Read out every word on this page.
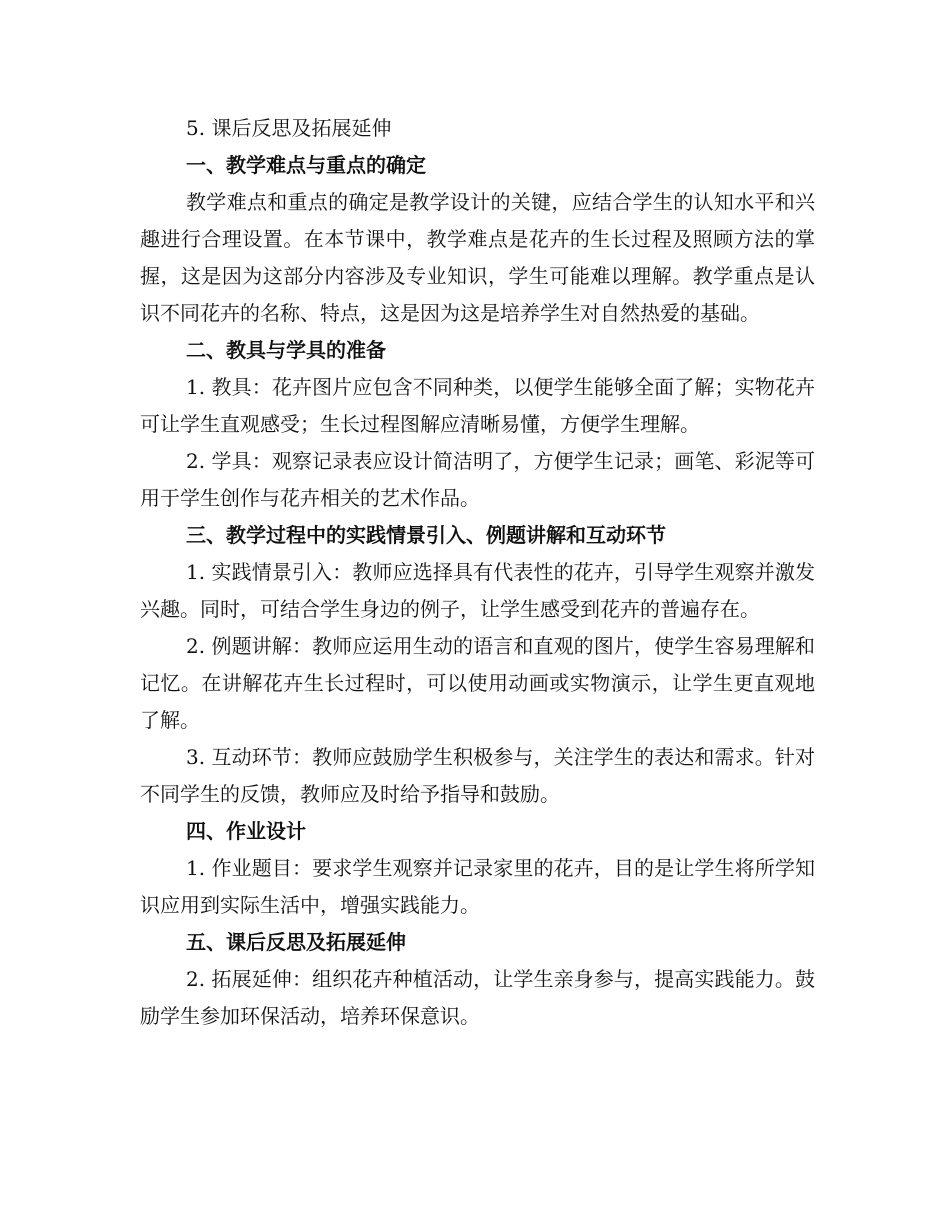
5. 课后反思及拓展延伸

一、教学难点与重点的确定

教学难点和重点的确定是教学设计的关键，应结合学生的认知水平和兴趣进行合理设置。在本节课中，教学难点是花卉的生长过程及照顾方法的掌握，这是因为这部分内容涉及专业知识，学生可能难以理解。教学重点是认识不同花卉的名称、特点，这是因为这是培养学生对自然热爱的基础。

二、教具与学具的准备

1. 教具：花卉图片应包含不同种类，以便学生能够全面了解；实物花卉可让学生直观感受；生长过程图解应清晰易懂，方便学生理解。

2. 学具：观察记录表应设计简洁明了，方便学生记录；画笔、彩泥等可用于学生创作与花卉相关的艺术作品。

三、教学过程中的实践情景引入、例题讲解和互动环节

1. 实践情景引入：教师应选择具有代表性的花卉，引导学生观察并激发兴趣。同时，可结合学生身边的例子，让学生感受到花卉的普遍存在。

2. 例题讲解：教师应运用生动的语言和直观的图片，使学生容易理解和记忆。在讲解花卉生长过程时，可以使用动画或实物演示，让学生更直观地了解。

3. 互动环节：教师应鼓励学生积极参与，关注学生的表达和需求。针对不同学生的反馈，教师应及时给予指导和鼓励。

四、作业设计

1. 作业题目：要求学生观察并记录家里的花卉，目的是让学生将所学知识应用到实际生活中，增强实践能力。

五、课后反思及拓展延伸

2. 拓展延伸：组织花卉种植活动，让学生亲身参与，提高实践能力。鼓励学生参加环保活动，培养环保意识。
